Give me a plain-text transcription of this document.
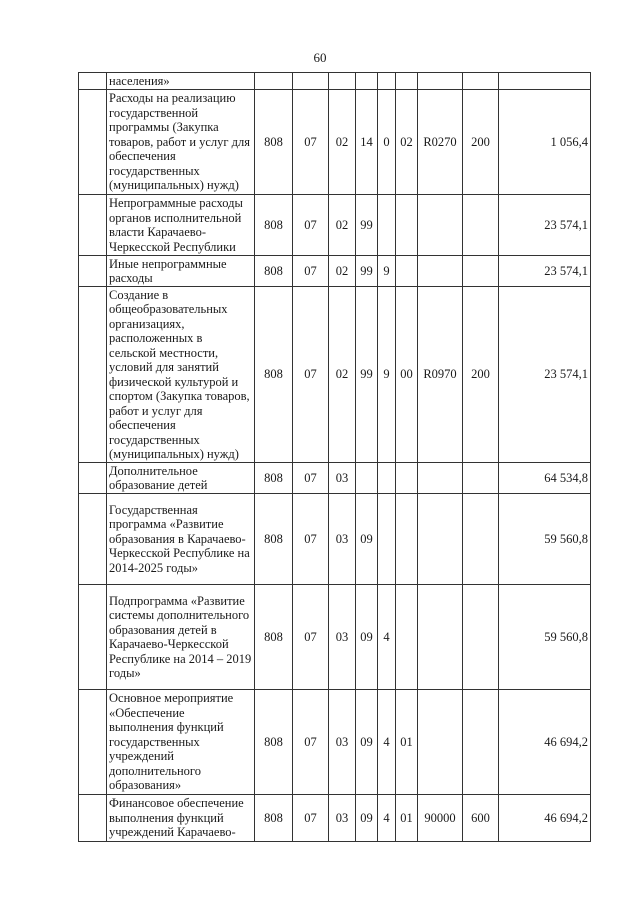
60
	населения»									
	Расходы на реализацию государственной программы (Закупка товаров, работ и услуг для обеспечения государственных (муниципальных) нужд)	808	07	02	14	0	02	R0270	200	1 056,4
	Непрограммные расходы органов исполнительной власти Карачаево-Черкесской Республики	808	07	02	99					23 574,1
	Иные непрограммные расходы	808	07	02	99	9				23 574,1
	Создание в общеобразовательных организациях, расположенных в сельской местности, условий для занятий физической культурой и спортом (Закупка товаров, работ и услуг для обеспечения государственных (муниципальных) нужд)	808	07	02	99	9	00	R0970	200	23 574,1
	Дополнительное образование детей	808	07	03						64 534,8
	Государственная программа «Развитие образования в Карачаево-Черкесской Республике на 2014-2025 годы»	808	07	03	09					59 560,8
	Подпрограмма «Развитие системы дополнительного образования детей в Карачаево-Черкесской Республике на 2014 – 2019 годы»	808	07	03	09	4				59 560,8
	Основное мероприятие «Обеспечение выполнения функций государственных учреждений дополнительного образования»	808	07	03	09	4	01			46 694,2
	Финансовое обеспечение выполнения функций учреждений Карачаево-	808	07	03	09	4	01	90000	600	46 694,2
